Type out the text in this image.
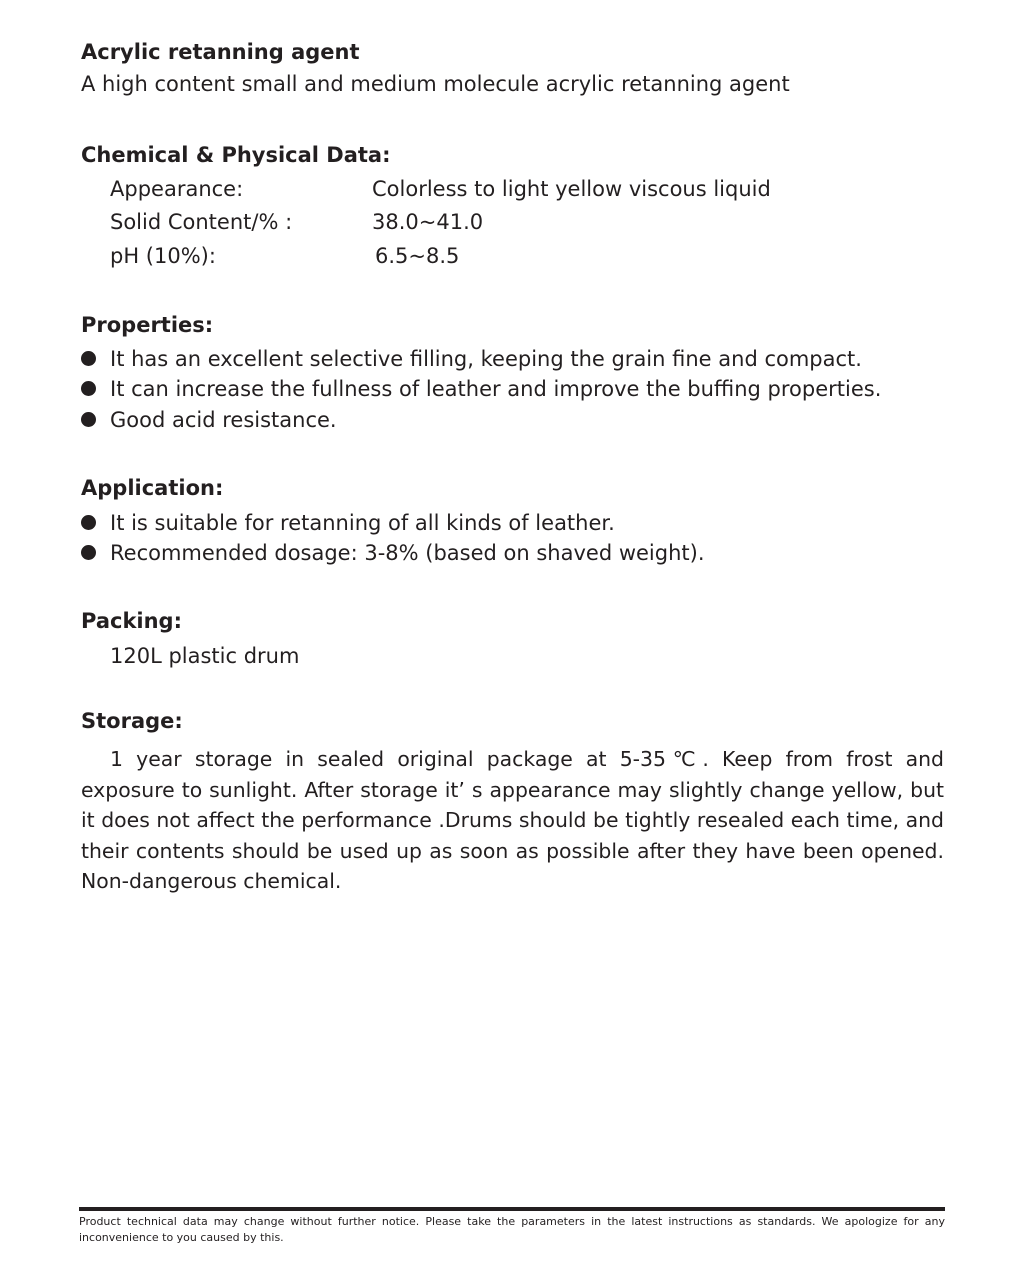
Acrylic retanning agent
A high content small and medium molecule acrylic retanning agent
Chemical & Physical Data:
Appearance:	Colorless to light yellow viscous liquid
Solid Content/% :	38.0~41.0
pH (10%):	6.5~8.5
Properties:
It has an excellent selective filling, keeping the grain fine and compact.
It can increase the fullness of leather and improve the buffing properties.
Good acid resistance.
Application:
It is suitable for retanning of all kinds of leather.
Recommended dosage: 3-8% (based on shaved weight).
Packing:
120L plastic drum
Storage:
1 year storage in sealed original package at 5-35℃. Keep from frost and exposure to sunlight. After storage it’ s appearance may slightly change yellow, but it does not affect the performance .Drums should be tightly resealed each time, and their contents should be used up as soon as possible after they have been opened. Non-dangerous chemical.
Product technical data may change without further notice. Please take the parameters in the latest instructions as standards. We apologize for any inconvenience to you caused by this.
